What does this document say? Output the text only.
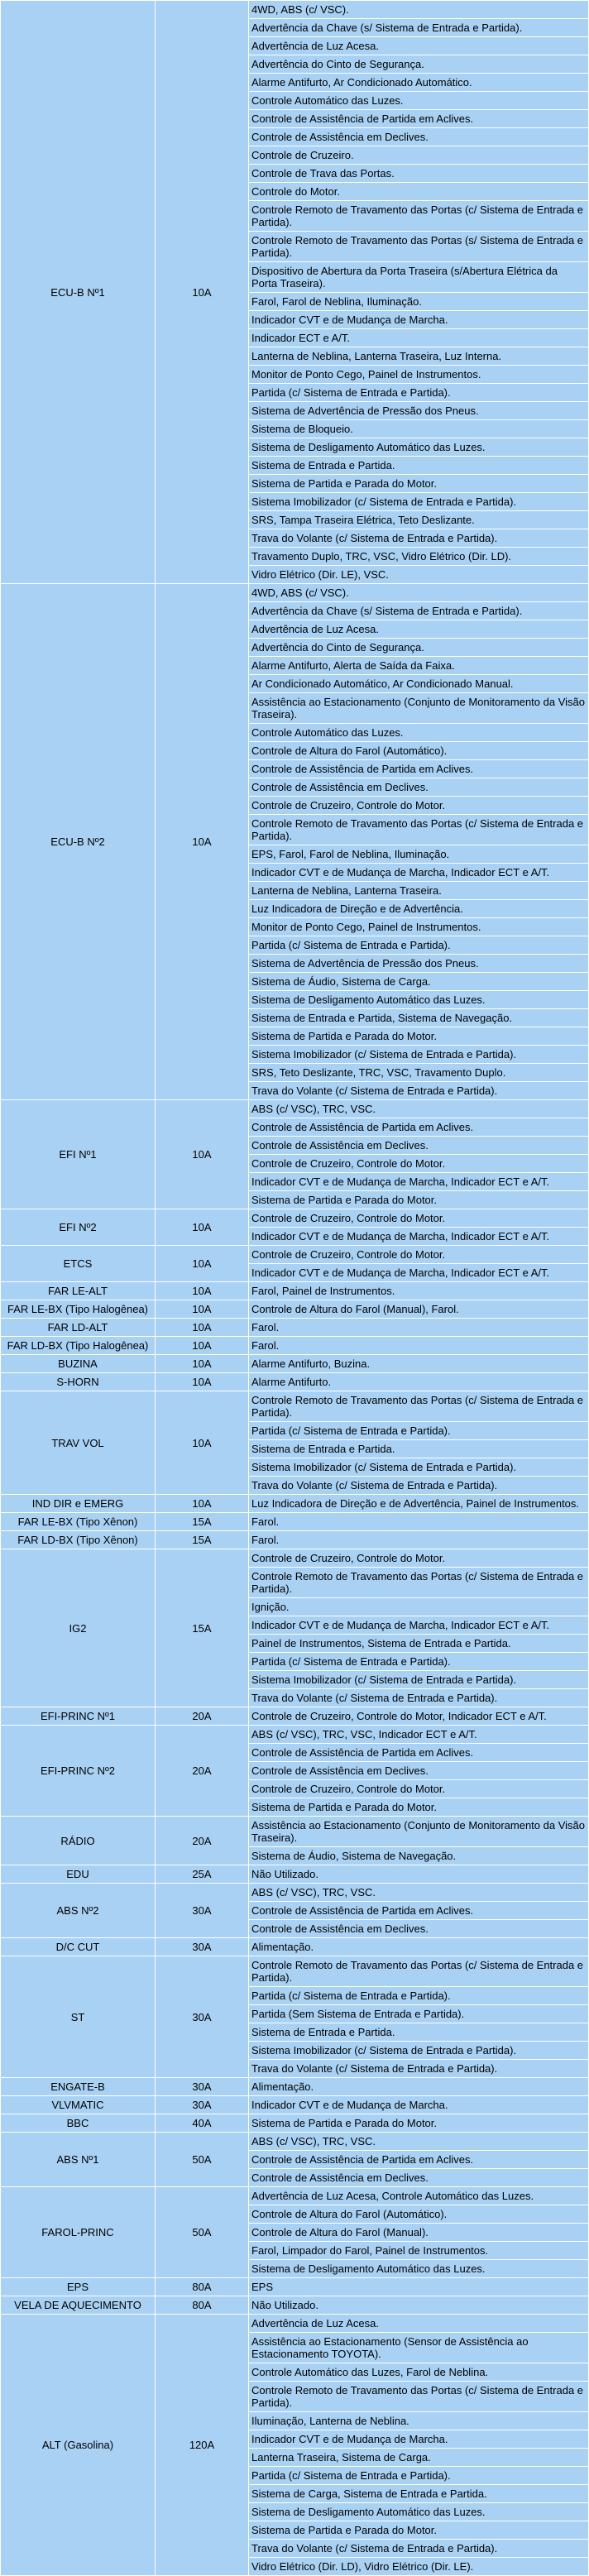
ECU-B Nº1	10A	4WD, ABS (c/ VSC).
		Advertência da Chave (s/ Sistema de Entrada e Partida).
		Advertência de Luz Acesa.
		Advertência do Cinto de Segurança.
		Alarme Antifurto, Ar Condicionado Automático.
		Controle Automático das Luzes.
		Controle de Assistência de Partida em Aclives.
		Controle de Assistência em Declives.
		Controle de Cruzeiro.
		Controle de Trava das Portas.
		Controle do Motor.
		Controle Remoto de Travamento das Portas (c/ Sistema de Entrada e Partida).
		Controle Remoto de Travamento das Portas (s/ Sistema de Entrada e Partida).
		Dispositivo de Abertura da Porta Traseira (s/Abertura Elétrica da Porta Traseira).
		Farol, Farol de Neblina, Iluminação.
		Indicador CVT e de Mudança de Marcha.
		Indicador ECT e A/T.
		Lanterna de Neblina, Lanterna Traseira, Luz Interna.
		Monitor de Ponto Cego, Painel de Instrumentos.
		Partida (c/ Sistema de Entrada e Partida).
		Sistema de Advertência de Pressão dos Pneus.
		Sistema de Bloqueio.
		Sistema de Desligamento Automático das Luzes.
		Sistema de Entrada e Partida.
		Sistema de Partida e Parada do Motor.
		Sistema Imobilizador (c/ Sistema de Entrada e Partida).
		SRS, Tampa Traseira Elétrica, Teto Deslizante.
		Trava do Volante (c/ Sistema de Entrada e Partida).
		Travamento Duplo, TRC, VSC, Vidro Elétrico (Dir. LD).
		Vidro Elétrico (Dir. LE), VSC.
ECU-B Nº2	10A	4WD, ABS (c/ VSC).
		Advertência da Chave (s/ Sistema de Entrada e Partida).
		Advertência de Luz Acesa.
		Advertência do Cinto de Segurança.
		Alarme Antifurto, Alerta de Saída da Faixa.
		Ar Condicionado Automático, Ar Condicionado Manual.
		Assistência ao Estacionamento (Conjunto de Monitoramento da Visão Traseira).
		Controle Automático das Luzes.
		Controle de Altura do Farol (Automático).
		Controle de Assistência de Partida em Aclives.
		Controle de Assistência em Declives.
		Controle de Cruzeiro, Controle do Motor.
		Controle Remoto de Travamento das Portas (c/ Sistema de Entrada e Partida).
		EPS, Farol, Farol de Neblina, Iluminação.
		Indicador CVT e de Mudança de Marcha, Indicador ECT e A/T.
		Lanterna de Neblina, Lanterna Traseira.
		Luz Indicadora de Direção e de Advertência.
		Monitor de Ponto Cego, Painel de Instrumentos.
		Partida (c/ Sistema de Entrada e Partida).
		Sistema de Advertência de Pressão dos Pneus.
		Sistema de Áudio, Sistema de Carga.
		Sistema de Desligamento Automático das Luzes.
		Sistema de Entrada e Partida, Sistema de Navegação.
		Sistema de Partida e Parada do Motor.
		Sistema Imobilizador (c/ Sistema de Entrada e Partida).
		SRS, Teto Deslizante, TRC, VSC, Travamento Duplo.
		Trava do Volante (c/ Sistema de Entrada e Partida).
EFI Nº1	10A	ABS (c/ VSC), TRC, VSC.
		Controle de Assistência de Partida em Aclives.
		Controle de Assistência em Declives.
		Controle de Cruzeiro, Controle do Motor.
		Indicador CVT e de Mudança de Marcha, Indicador ECT e A/T.
		Sistema de Partida e Parada do Motor.
EFI Nº2	10A	Controle de Cruzeiro, Controle do Motor.
		Indicador CVT e de Mudança de Marcha, Indicador ECT e A/T.
ETCS	10A	Controle de Cruzeiro, Controle do Motor.
		Indicador CVT e de Mudança de Marcha, Indicador ECT e A/T.
FAR LE-ALT	10A	Farol, Painel de Instrumentos.
FAR LE-BX (Tipo Halogênea)	10A	Controle de Altura do Farol (Manual), Farol.
FAR LD-ALT	10A	Farol.
FAR LD-BX (Tipo Halogênea)	10A	Farol.
BUZINA	10A	Alarme Antifurto, Buzina.
S-HORN	10A	Alarme Antifurto.
TRAV VOL	10A	Controle Remoto de Travamento das Portas (c/ Sistema de Entrada e Partida).
		Partida (c/ Sistema de Entrada e Partida).
		Sistema de Entrada e Partida.
		Sistema Imobilizador (c/ Sistema de Entrada e Partida).
		Trava do Volante (c/ Sistema de Entrada e Partida).
IND DIR e EMERG	10A	Luz Indicadora de Direção e de Advertência, Painel de Instrumentos.
FAR LE-BX (Tipo Xênon)	15A	Farol.
FAR LD-BX (Tipo Xênon)	15A	Farol.
IG2	15A	Controle de Cruzeiro, Controle do Motor.
		Controle Remoto de Travamento das Portas (c/ Sistema de Entrada e Partida).
		Ignição.
		Indicador CVT e de Mudança de Marcha, Indicador ECT e A/T.
		Painel de Instrumentos, Sistema de Entrada e Partida.
		Partida (c/ Sistema de Entrada e Partida).
		Sistema Imobilizador (c/ Sistema de Entrada e Partida).
		Trava do Volante (c/ Sistema de Entrada e Partida).
EFI-PRINC Nº1	20A	Controle de Cruzeiro, Controle do Motor, Indicador ECT e A/T.
EFI-PRINC Nº2	20A	ABS (c/ VSC), TRC, VSC, Indicador ECT e A/T.
		Controle de Assistência de Partida em Aclives.
		Controle de Assistência em Declives.
		Controle de Cruzeiro, Controle do Motor.
		Sistema de Partida e Parada do Motor.
RÁDIO	20A	Assistência ao Estacionamento (Conjunto de Monitoramento da Visão Traseira).
		Sistema de Áudio, Sistema de Navegação.
EDU	25A	Não Utilizado.
ABS Nº2	30A	ABS (c/ VSC), TRC, VSC.
		Controle de Assistência de Partida em Aclives.
		Controle de Assistência em Declives.
D/C CUT	30A	Alimentação.
ST	30A	Controle Remoto de Travamento das Portas (c/ Sistema de Entrada e Partida).
		Partida (c/ Sistema de Entrada e Partida).
		Partida (Sem Sistema de Entrada e Partida).
		Sistema de Entrada e Partida.
		Sistema Imobilizador (c/ Sistema de Entrada e Partida).
		Trava do Volante (c/ Sistema de Entrada e Partida).
ENGATE-B	30A	Alimentação.
VLVMATIC	30A	Indicador CVT e de Mudança de Marcha.
BBC	40A	Sistema de Partida e Parada do Motor.
ABS Nº1	50A	ABS (c/ VSC), TRC, VSC.
		Controle de Assistência de Partida em Aclives.
		Controle de Assistência em Declives.
FAROL-PRINC	50A	Advertência de Luz Acesa, Controle Automático das Luzes.
		Controle de Altura do Farol (Automático).
		Controle de Altura do Farol (Manual).
		Farol, Limpador do Farol, Painel de Instrumentos.
		Sistema de Desligamento Automático das Luzes.
EPS	80A	EPS
VELA DE AQUECIMENTO	80A	Não Utilizado.
ALT (Gasolina)	120A	Advertência de Luz Acesa.
		Assistência ao Estacionamento (Sensor de Assistência ao Estacionamento TOYOTA).
		Controle Automático das Luzes, Farol de Neblina.
		Controle Remoto de Travamento das Portas (c/ Sistema de Entrada e Partida).
		Iluminação, Lanterna de Neblina.
		Indicador CVT e de Mudança de Marcha.
		Lanterna Traseira, Sistema de Carga.
		Partida (c/ Sistema de Entrada e Partida).
		Sistema de Carga, Sistema de Entrada e Partida.
		Sistema de Desligamento Automático das Luzes.
		Sistema de Partida e Parada do Motor.
		Trava do Volante (c/ Sistema de Entrada e Partida).
		Vidro Elétrico (Dir. LD), Vidro Elétrico (Dir. LE).
